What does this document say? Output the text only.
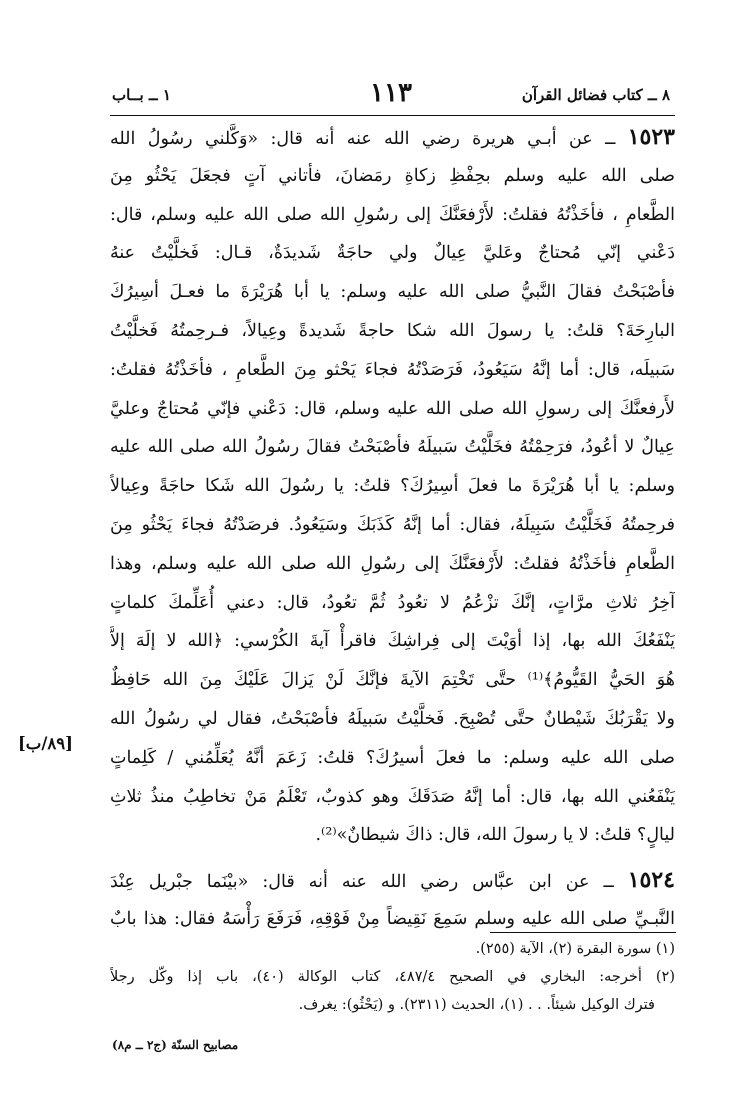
٨ ــ كتاب فضائل القرآن
١١٣
١ ــ بــاب
١٥٢٣ ــ عن أبـي هريرة رضي الله عنه أنه قال: «وَكَّلني رسُولُ الله
صلى الله عليه وسلم بحِفْظِ زكاةِ رمَضانَ، فأتاني آتٍ فجعَلَ يَحْثُو مِنَ
الطَّعامِ ، فأخَذْتُهُ فقلتُ: لأَرْفعَنَّكَ إلى رسُولِ الله صلى الله عليه وسلم، قال:
دَعْني إنّي مُحتاجٌ وعَليَّ عِيالٌ ولي حاجَةٌ شَديدَةٌ، قـال: فَخلَّيْتُ عنهُ
فأصْبَحْتُ فقالَ النَّبيُّ صلى الله عليه وسلم: يا أبا هُرَيْرَةَ ما فعـلَ أسِيرُكَ
البارِحَةَ؟ قلتُ: يا رسولَ الله شكا حاجةً شَديدةً وعِيالاً، فـرحِمتُهُ فَخلَّيْتُ
سَبيلَه، قال: أما إنَّهُ سَيَعُودُ، فَرَصَدْتُهُ فجاءَ يَحْثو مِنَ الطَّعامِ ، فأخَذْتُهُ فقلتُ:
لأَرفعنَّكَ إلى رسولِ الله صلى الله عليه وسلم، قال: دَعْني فإنّي مُحتاجٌ وعليَّ
عِيالٌ لا أعُودُ، فرَحِمْتُهُ فخَلَّيْتُ سَبيلَهُ فأصْبَحْتُ فقالَ رسُولُ الله صلى الله عليه
وسلم: يا أبا هُرَيْرَةَ ما فعلَ أسِيرُكَ؟ قلتُ: يا رسُولَ الله شَكا حاجَةً وعِيالاً
فرحِمتُهُ فَخَلَّيْتُ سَبِيلَهُ، فقال: أما إنَّهُ كَذَبَكَ وسَيَعُودُ. فرصَدْتُهُ فجاءَ يَحْثُو مِنَ
الطَّعامِ فأخَذْتُهُ فقلتُ: لأَرْفعَنَّكَ إلى رسُولِ الله صلى الله عليه وسلم، وهذا
آخِرُ ثلاثِ مرَّاتٍ، إنَّكَ تزْعُمُ لا تعُودُ ثُمَّ تعُودُ، قال: دعني أُعَلِّمكَ كلماتٍ
يَنْفَعُكَ الله بها، إذا أوَيْتَ إلى فِراشِكَ فاقرأْ آيةَ الكُرْسي: ﴿الله لا إلَهَ إلاَّ
هُوَ الحَيُّ القَيُّومُ﴾⁽¹⁾ حتَّى تَخْتِمَ الآيةَ فإنَّكَ لَنْ يَزالَ عَلَيْكَ مِنَ الله حَافِظٌ
ولا يَقْرَبُكَ شَيْطانٌ حتَّى تُصْبِحَ. فَخلَّيْتُ سَبيلَهُ فأصْبَحْتُ، فقال لي رسُولُ الله
صلى الله عليه وسلم: ما فعلَ أسيرُكَ؟ قلتُ: زَعَمَ أنَّهُ يُعَلِّمُني / كَلِماتٍ
يَنْفَعُني الله بها، قال: أما إنَّهُ صَدَقَكَ وهو كذوبٌ، تَعْلَمُ مَنْ تخاطِبُ منذُ ثلاثِ
ليالٍ؟ قلتُ: لا يا رسولَ الله، قال: ذاكَ شيطانٌ»⁽²⁾.
١٥٢٤ ــ عن ابن عبَّاس رضي الله عنه أنه قال: «بيْنَما جبْريل عِنْدَ
النَّبـيِّ صلى الله عليه وسلم سَمِعَ نَقِيضاً مِنْ فَوْقِهِ، فَرَفَعَ رَأْسَهُ فقال: هذا بابٌ
[٨٩/ب]
(١) سورة البقرة (٢)، الآية (٢٥٥).
(٢) أخرجه: البخاري في الصحيح ٤٨٧/٤، كتاب الوكالة (٤٠)، باب إذا وكّل رجلاً
فترك الوكيل شيئاً. . . (١)، الحديث (٢٣١١). و (يَحْثُو): يغرف.
مصابيح السنّة (ج٢ ــ م٨)
